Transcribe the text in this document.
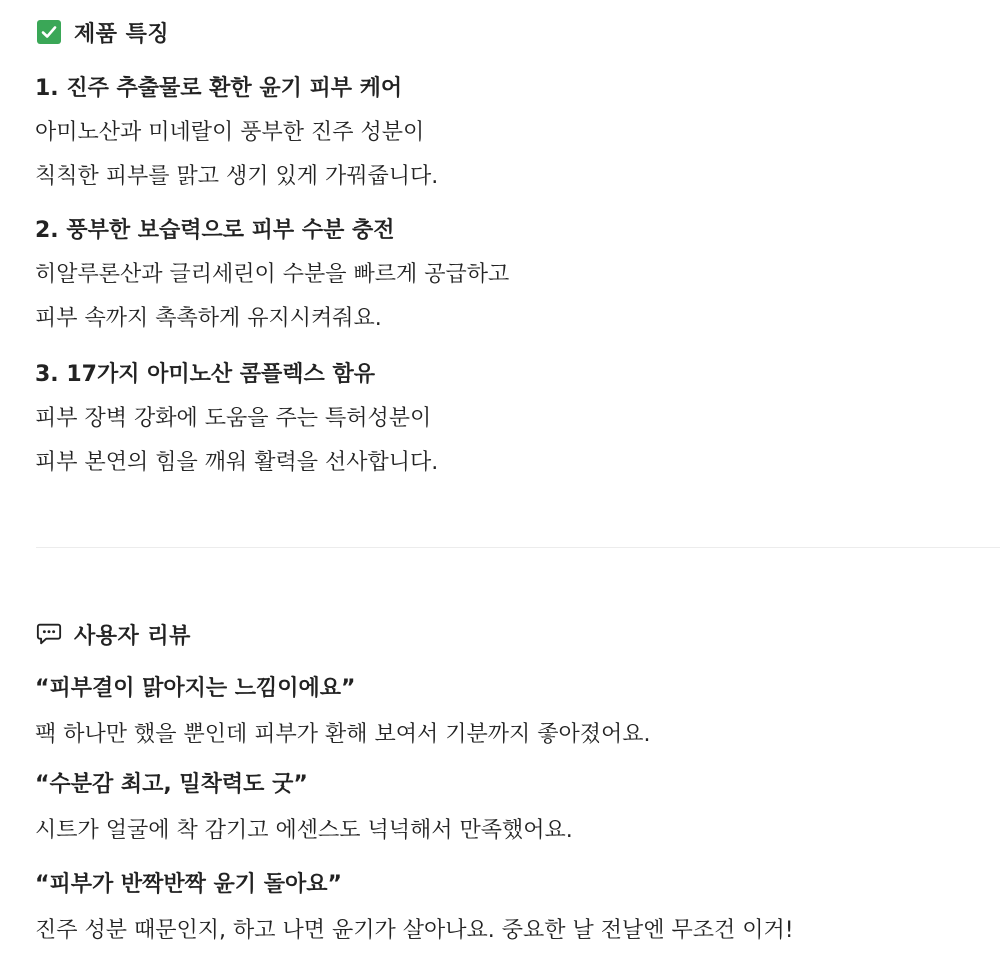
제품 특징
1. 진주 추출물로 환한 윤기 피부 케어
아미노산과 미네랄이 풍부한 진주 성분이
칙칙한 피부를 맑고 생기 있게 가꿔줍니다.
2. 풍부한 보습력으로 피부 수분 충전
히알루론산과 글리세린이 수분을 빠르게 공급하고
피부 속까지 촉촉하게 유지시켜줘요.
3. 17가지 아미노산 콤플렉스 함유
피부 장벽 강화에 도움을 주는 특허성분이
피부 본연의 힘을 깨워 활력을 선사합니다.
사용자 리뷰
“피부결이 맑아지는 느낌이에요”
팩 하나만 했을 뿐인데 피부가 환해 보여서 기분까지 좋아졌어요.
“수분감 최고, 밀착력도 굿”
시트가 얼굴에 착 감기고 에센스도 넉넉해서 만족했어요.
“피부가 반짝반짝 윤기 돌아요”
진주 성분 때문인지, 하고 나면 윤기가 살아나요. 중요한 날 전날엔 무조건 이거!
